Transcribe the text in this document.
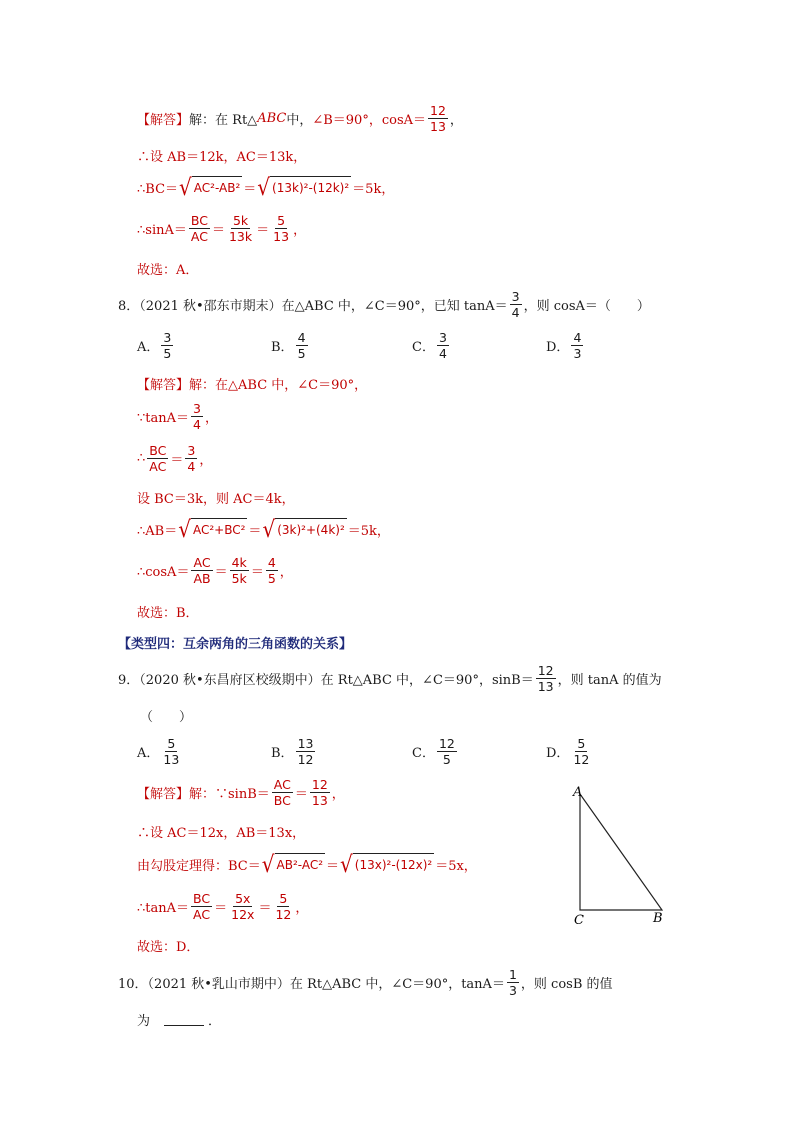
【解答】 解： 在 Rt△ ABC 中， ∠B＝90°， $\cos A= \frac{12}{13}$ ，
∴设 AB＝12k，AC＝13k，
∴BC＝ √ AC²-AB² ＝ √ (13k)²-(12k)² ＝5k，
∴sinA＝ $\frac{BC}{AC} = \frac{5k}{13k} = \frac{5}{13}$ ，
故选：A．
8．（2021 秋•邵东市期末）在△ABC 中，∠C＝90°，已知 $\tan A= \frac{3}{4}$ ，则 cosA＝（　　）
A． $\frac{3}{5}$	B． $\frac{4}{5}$	C． $\frac{3}{4}$	D． $\frac{4}{3}$
【解答】 解：在△ABC 中，∠C＝90°，
∵tanA＝ $\frac{3}{4}$ ，
∴ $\frac{BC}{AC} = \frac{3}{4}$ ，
设 BC＝3k，则 AC＝4k，
∴AB＝ √ AC²+BC² ＝ √ (3k)²+(4k)² ＝5k，
∴cosA＝ $\frac{AC}{AB} = \frac{4k}{5k} = \frac{4}{5}$ ，
故选：B．
【类型四：互余两角的三角函数的关系】
9．（2020 秋•东昌府区校级期中）在 Rt△ABC 中，∠C＝90°，$\sin B= \frac{12}{13}$ ，则 tanA 的值为
（　　）
A． $\frac{5}{13}$	B． $\frac{13}{12}$	C． $\frac{12}{5}$	D． $\frac{5}{12}$
【解答】 解：∵sinB＝ $\frac{AC}{BC} = \frac{12}{13}$ ，
∴设 AC＝12x，AB＝13x，
由勾股定理得：BC＝ √ AB²-AC² ＝ √ (13x)²-(12x)² ＝5x，
∴tanA＝ $\frac{BC}{AC} = \frac{5x}{12x} = \frac{5}{12}$ ，
故选：D．
A
C	B
10．（2021 秋•乳山市期中）在 Rt△ABC 中，∠C＝90°，$\tan A= \frac{1}{3}$ ，则 cosB 的值
为	．
